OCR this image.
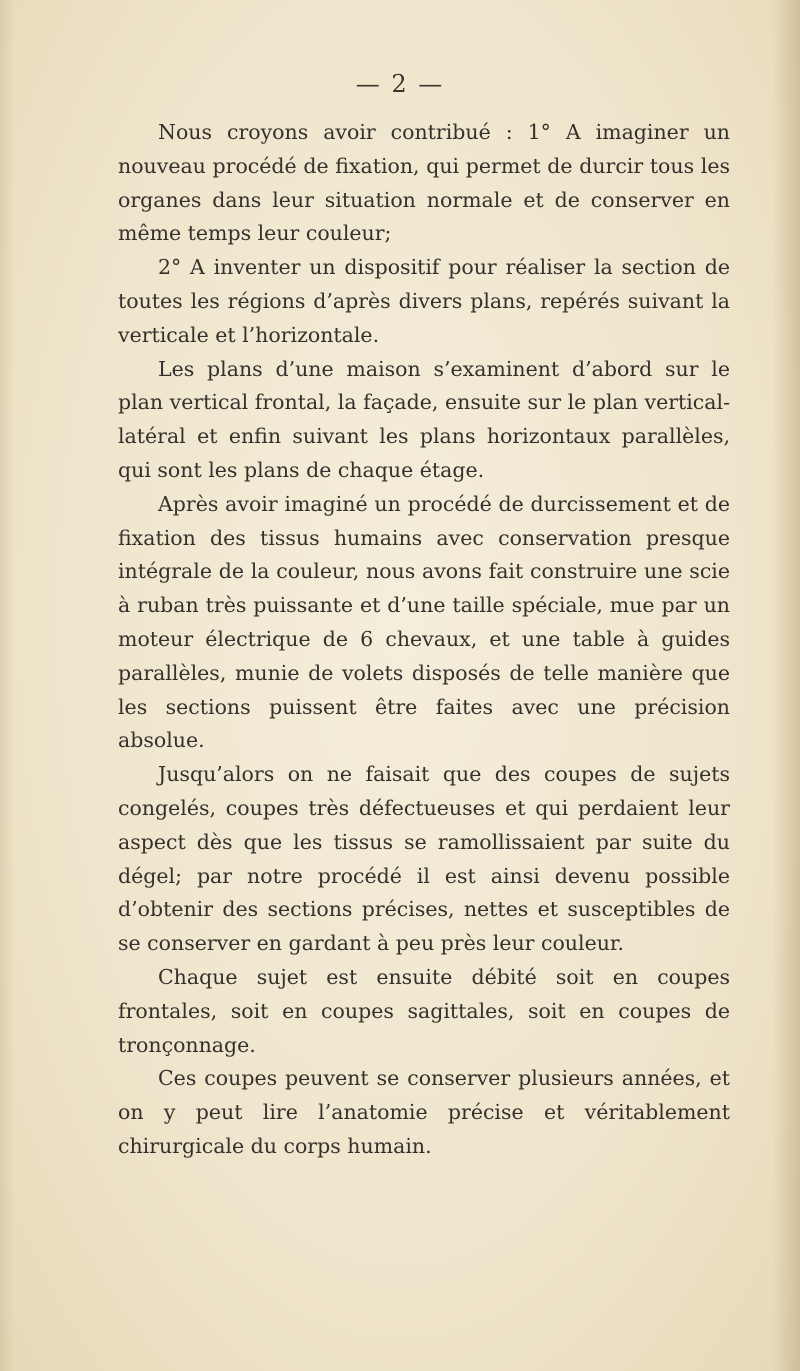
— 2 —

Nous croyons avoir contribué : 1° A imaginer un nouveau procédé de fixation, qui permet de durcir tous les organes dans leur situation normale et de conserver en même temps leur couleur;

2° A inventer un dispositif pour réaliser la section de toutes les régions d’après divers plans, repérés suivant la verticale et l’horizontale.

Les plans d’une maison s’examinent d’abord sur le plan vertical frontal, la façade, ensuite sur le plan vertical-latéral et enfin suivant les plans horizontaux parallèles, qui sont les plans de chaque étage.

Après avoir imaginé un procédé de durcissement et de fixation des tissus humains avec conservation presque intégrale de la couleur, nous avons fait construire une scie à ruban très puissante et d’une taille spéciale, mue par un moteur électrique de 6 chevaux, et une table à guides parallèles, munie de volets disposés de telle manière que les sections puissent être faites avec une précision absolue.

Jusqu’alors on ne faisait que des coupes de sujets congelés, coupes très défectueuses et qui perdaient leur aspect dès que les tissus se ramollissaient par suite du dégel; par notre procédé il est ainsi devenu possible d’obtenir des sections précises, nettes et susceptibles de se conserver en gardant à peu près leur couleur.

Chaque sujet est ensuite débité soit en coupes frontales, soit en coupes sagittales, soit en coupes de tronçonnage.

Ces coupes peuvent se conserver plusieurs années, et on y peut lire l’anatomie précise et véritablement chirurgicale du corps humain.
